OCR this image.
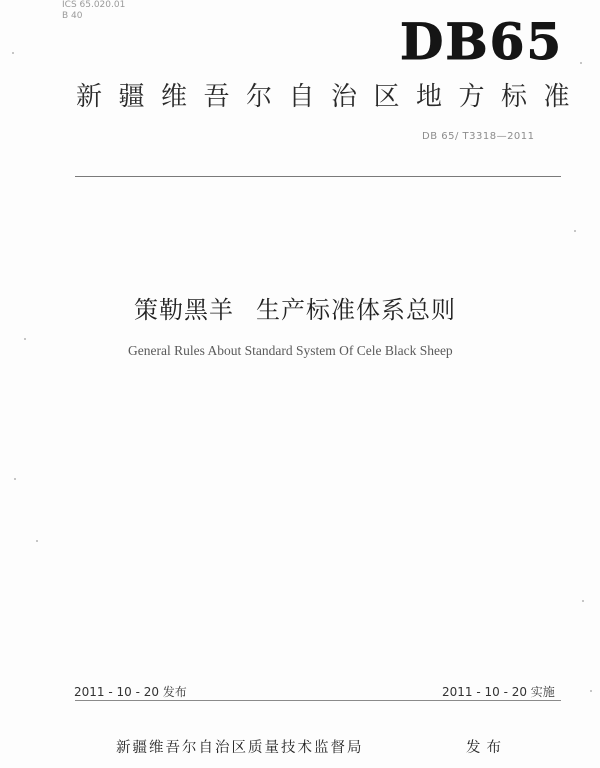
ICS 65.020.01
B 40	DB65
新疆维吾尔自治区地方标准
DB 65/ T3318—2011
策勒黑羊 生产标准体系总则
General Rules About Standard System Of Cele Black Sheep
2011 - 10 - 20 发布	2011 - 10 - 20 实施
新疆维吾尔自治区质量技术监督局	发布
